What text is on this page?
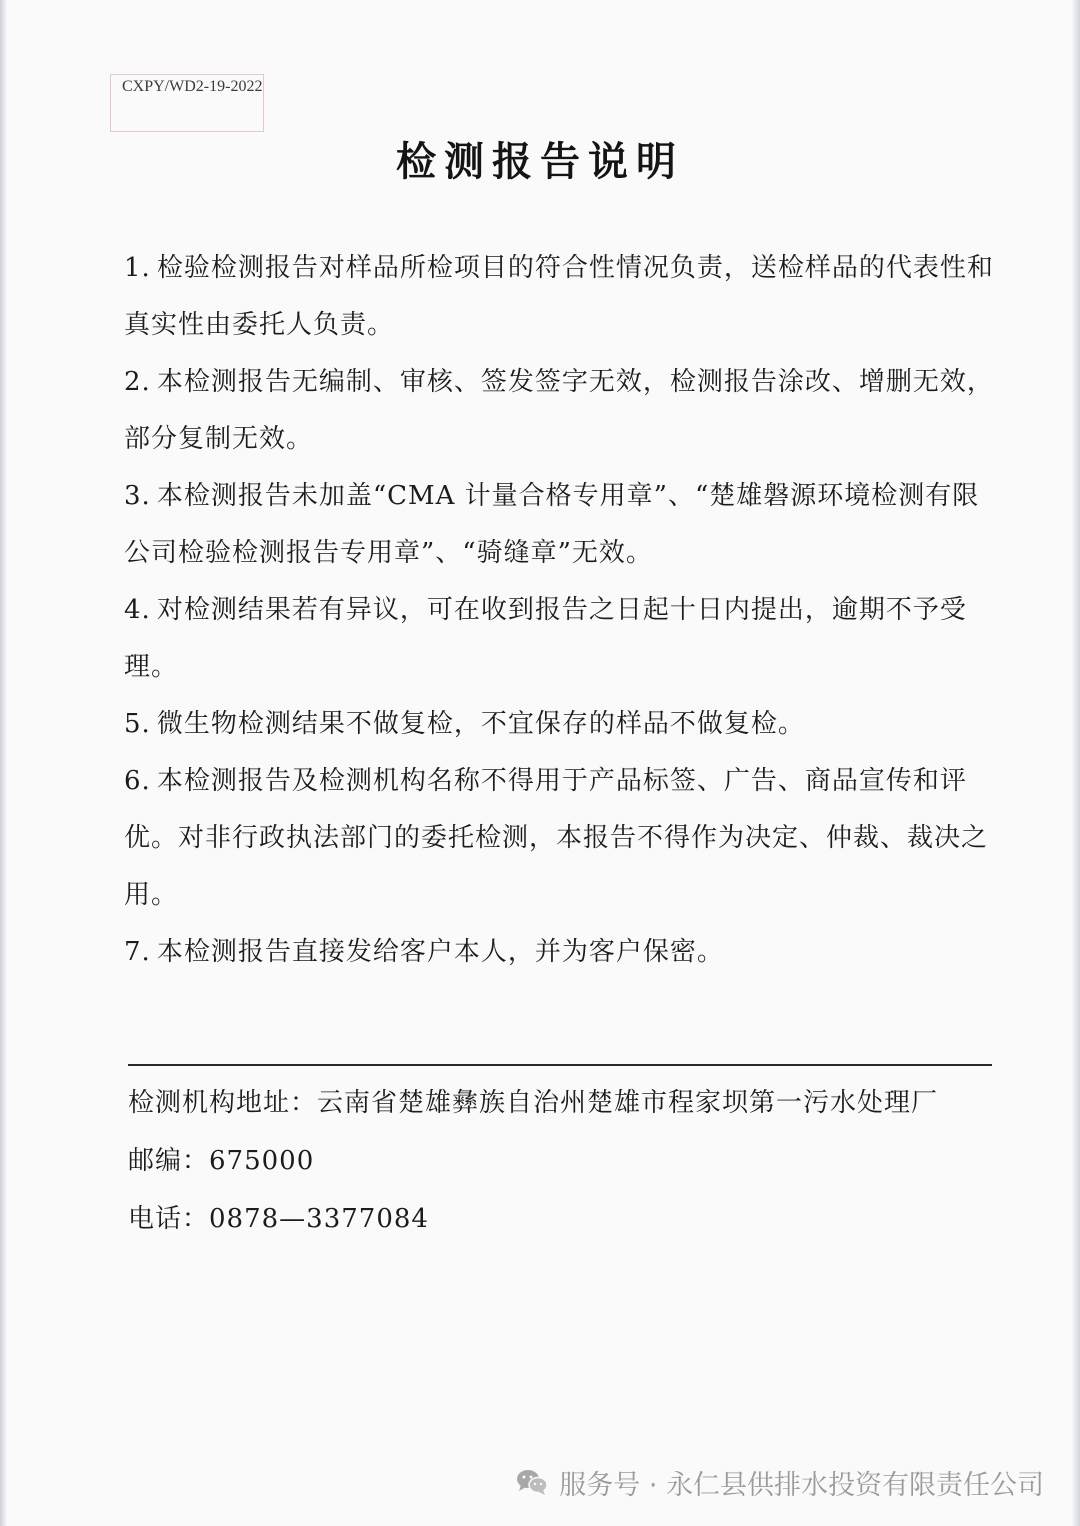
CXPY/WD2-19-2022
检测报告说明

1. 检验检测报告对样品所检项目的符合性情况负责，送检样品的代表性和真实性由委托人负责。

2. 本检测报告无编制、审核、签发签字无效，检测报告涂改、增删无效，部分复制无效。

3. 本检测报告未加盖“CMA 计量合格专用章”、“楚雄磐源环境检测有限公司检验检测报告专用章”、“骑缝章”无效。

4. 对检测结果若有异议，可在收到报告之日起十日内提出，逾期不予受理。

5. 微生物检测结果不做复检，不宜保存的样品不做复检。

6. 本检测报告及检测机构名称不得用于产品标签、广告、商品宣传和评优。对非行政执法部门的委托检测，本报告不得作为决定、仲裁、裁决之用。

7. 本检测报告直接发给客户本人，并为客户保密。

检测机构地址：云南省楚雄彝族自治州楚雄市程家坝第一污水处理厂

邮编：675000

电话：0878—3377084

服务号 · 永仁县供排水投资有限责任公司
